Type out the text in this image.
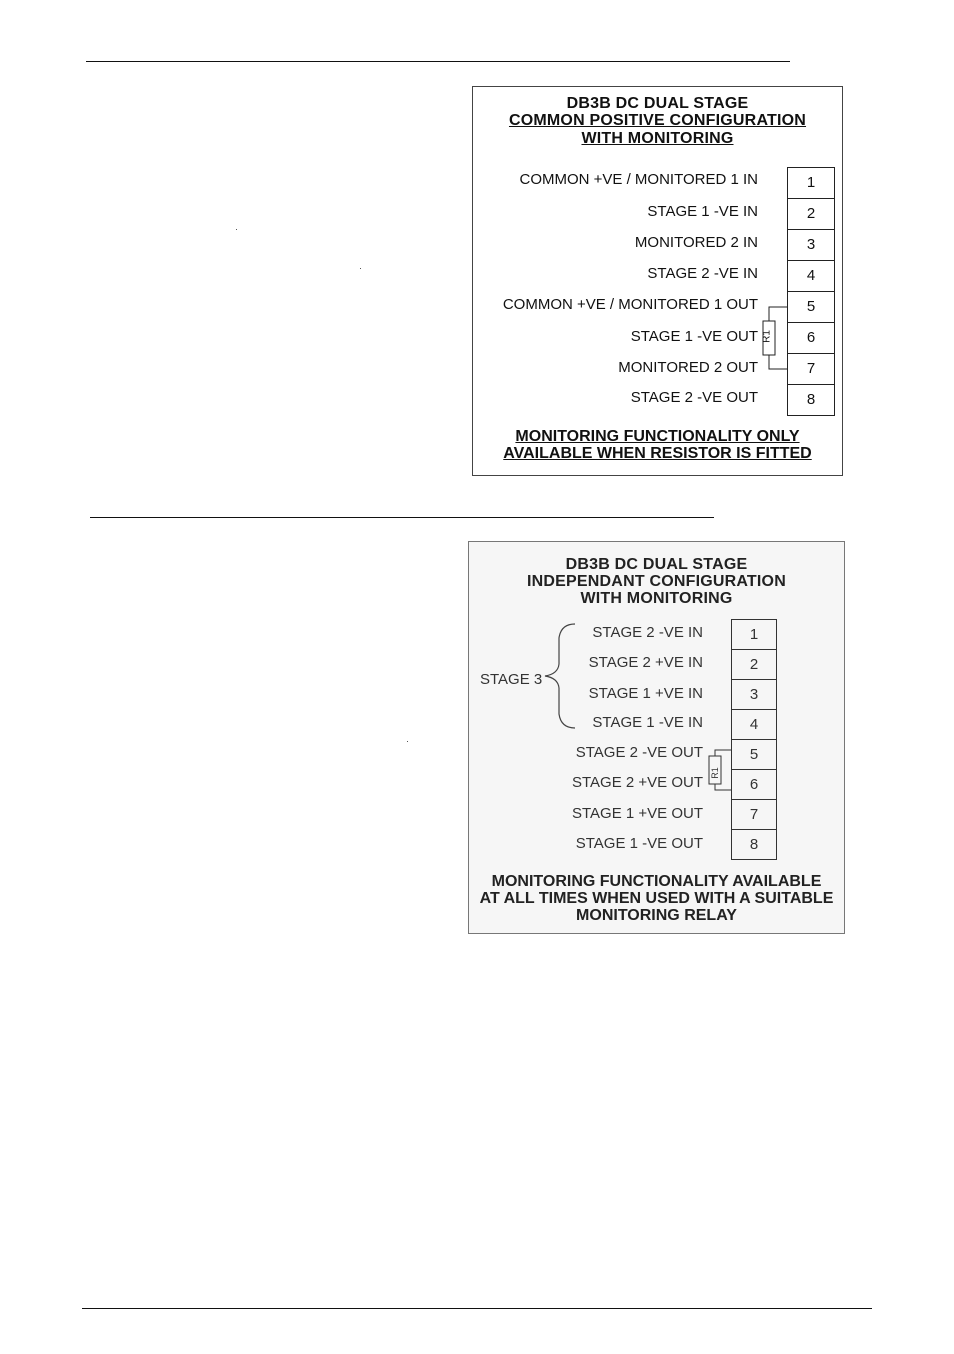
DB3B DC DUAL STAGE
COMMON POSITIVE CONFIGURATION
WITH MONITORING
COMMON +VE / MONITORED 1 IN
STAGE 1 -VE IN
MONITORED 2 IN
STAGE 2 -VE IN
COMMON +VE / MONITORED 1 OUT
STAGE 1 -VE OUT
MONITORED 2 OUT
STAGE 2 -VE OUT
1
2
3
4
5
6
7
8
R1
MONITORING FUNCTIONALITY ONLY
AVAILABLE WHEN RESISTOR IS FITTED
DB3B DC DUAL STAGE
INDEPENDANT CONFIGURATION
WITH MONITORING
STAGE 3
STAGE 2 -VE IN
STAGE 2 +VE IN
STAGE 1 +VE IN
STAGE 1 -VE IN
STAGE 2 -VE OUT
STAGE 2 +VE OUT
STAGE 1 +VE OUT
STAGE 1 -VE OUT
1
2
3
4
5
6
7
8
R1
MONITORING FUNCTIONALITY AVAILABLE
AT ALL TIMES WHEN USED WITH A SUITABLE
MONITORING RELAY
